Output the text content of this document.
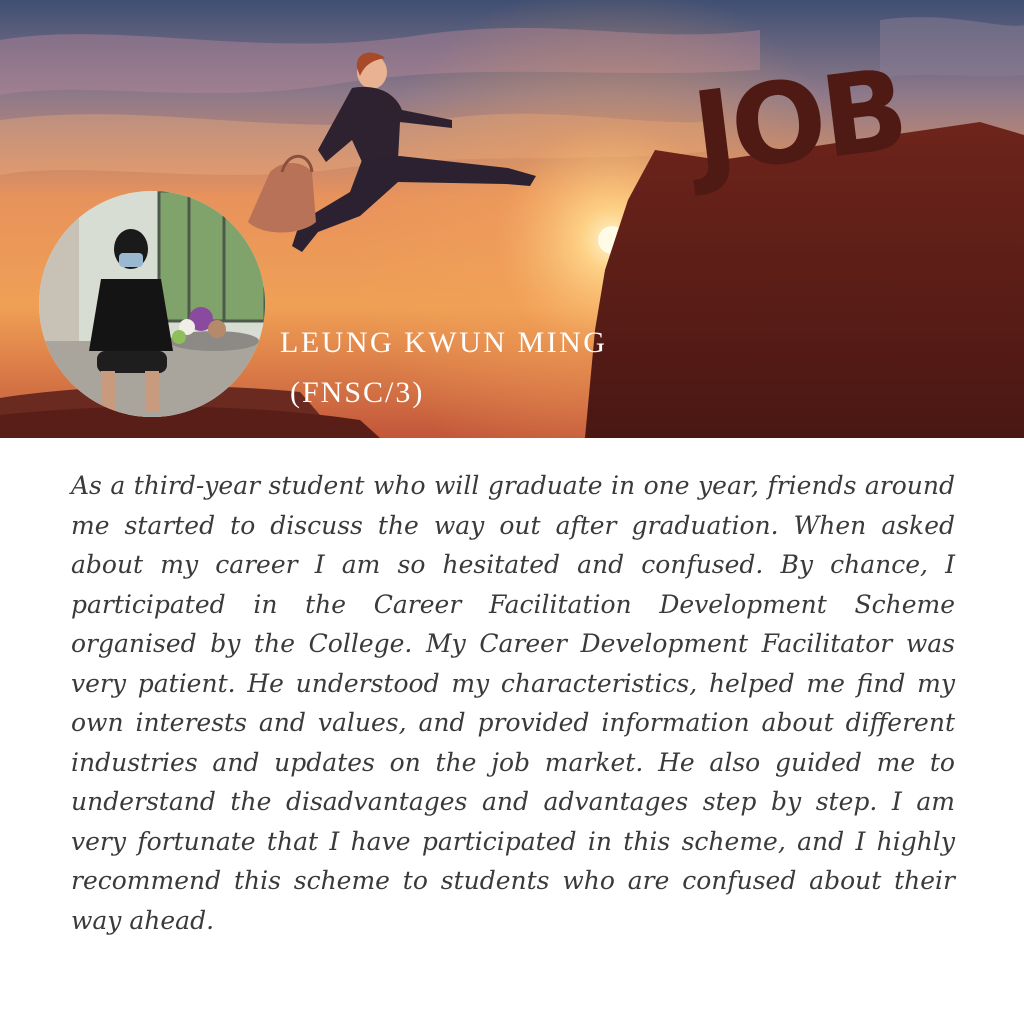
JOB
LEUNG KWUN MING
(FNSC/3)

As a third-year student who will graduate in one year, friends around me started to discuss the way out after graduation. When asked about my career I am so hesitated and confused. By chance, I participated in the Career Facilitation Development Scheme organised by the College. My Career Development Facilitator was very patient. He understood my characteristics, helped me find my own interests and values, and provided information about different industries and updates on the job market. He also guided me to understand the disadvantages and advantages step by step. I am very fortunate that I have participated in this scheme, and I highly recommend this scheme to students who are confused about their way ahead.
